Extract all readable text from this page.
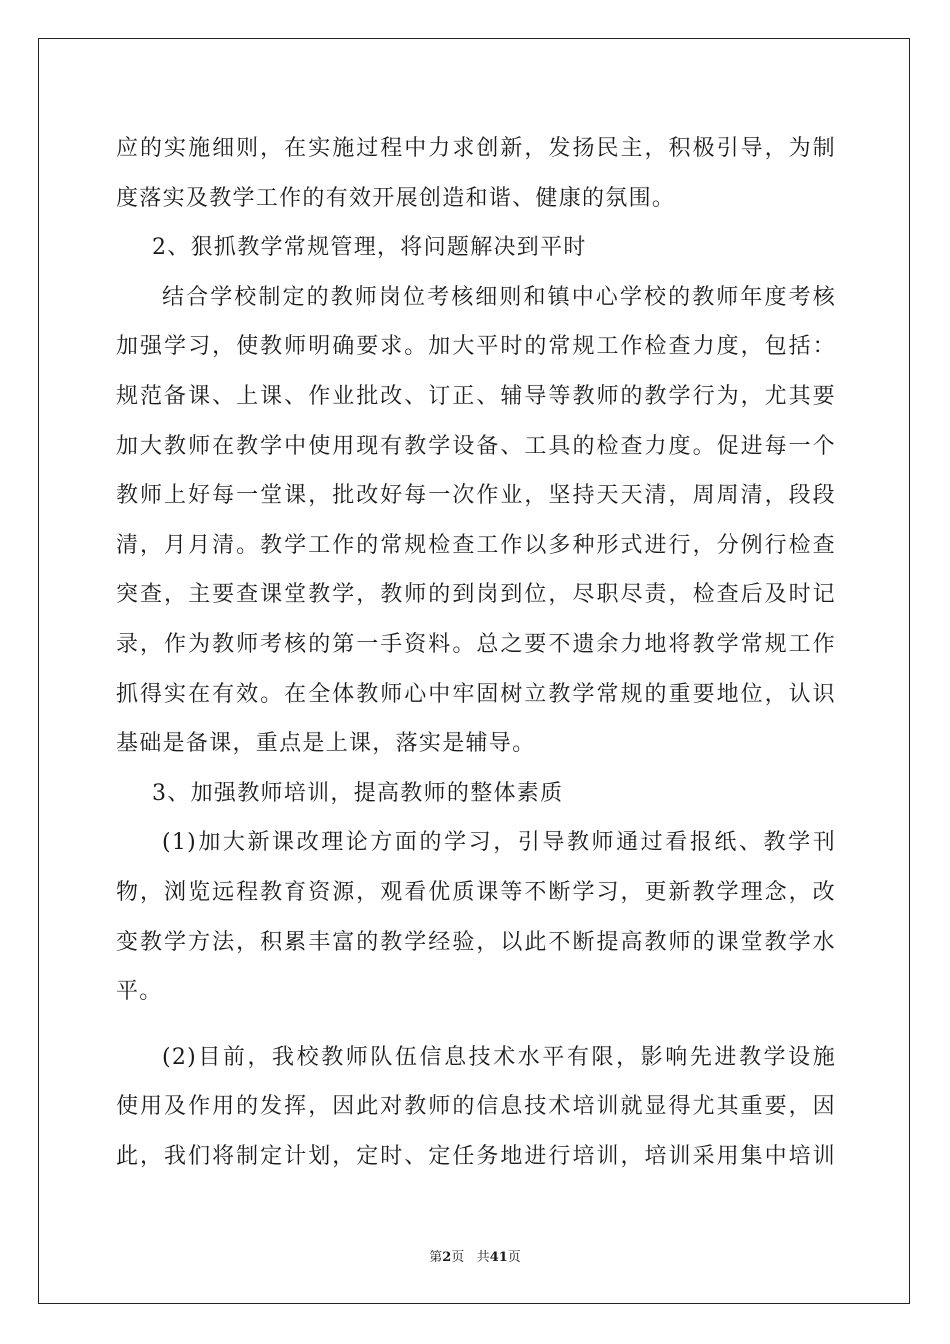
应的实施细则，在实施过程中力求创新，发扬民主，积极引导，为制
度落实及教学工作的有效开展创造和谐、健康的氛围。
2、狠抓教学常规管理，将问题解决到平时
结合学校制定的教师岗位考核细则和镇中心学校的教师年度考核
加强学习，使教师明确要求。加大平时的常规工作检查力度，包括：
规范备课、上课、作业批改、订正、辅导等教师的教学行为，尤其要
加大教师在教学中使用现有教学设备、工具的检查力度。促进每一个
教师上好每一堂课，批改好每一次作业，坚持天天清，周周清，段段
清，月月清。教学工作的常规检查工作以多种形式进行，分例行检查
突查，主要查课堂教学，教师的到岗到位，尽职尽责，检查后及时记
录，作为教师考核的第一手资料。总之要不遗余力地将教学常规工作
抓得实在有效。在全体教师心中牢固树立教学常规的重要地位，认识
基础是备课，重点是上课，落实是辅导。
3、加强教师培训，提高教师的整体素质
(1)加大新课改理论方面的学习，引导教师通过看报纸、教学刊
物，浏览远程教育资源，观看优质课等不断学习，更新教学理念，改
变教学方法，积累丰富的教学经验，以此不断提高教师的课堂教学水
平。
(2)目前，我校教师队伍信息技术水平有限，影响先进教学设施
使用及作用的发挥，因此对教师的信息技术培训就显得尤其重要，因
此，我们将制定计划，定时、定任务地进行培训，培训采用集中培训
第2页 共41页
